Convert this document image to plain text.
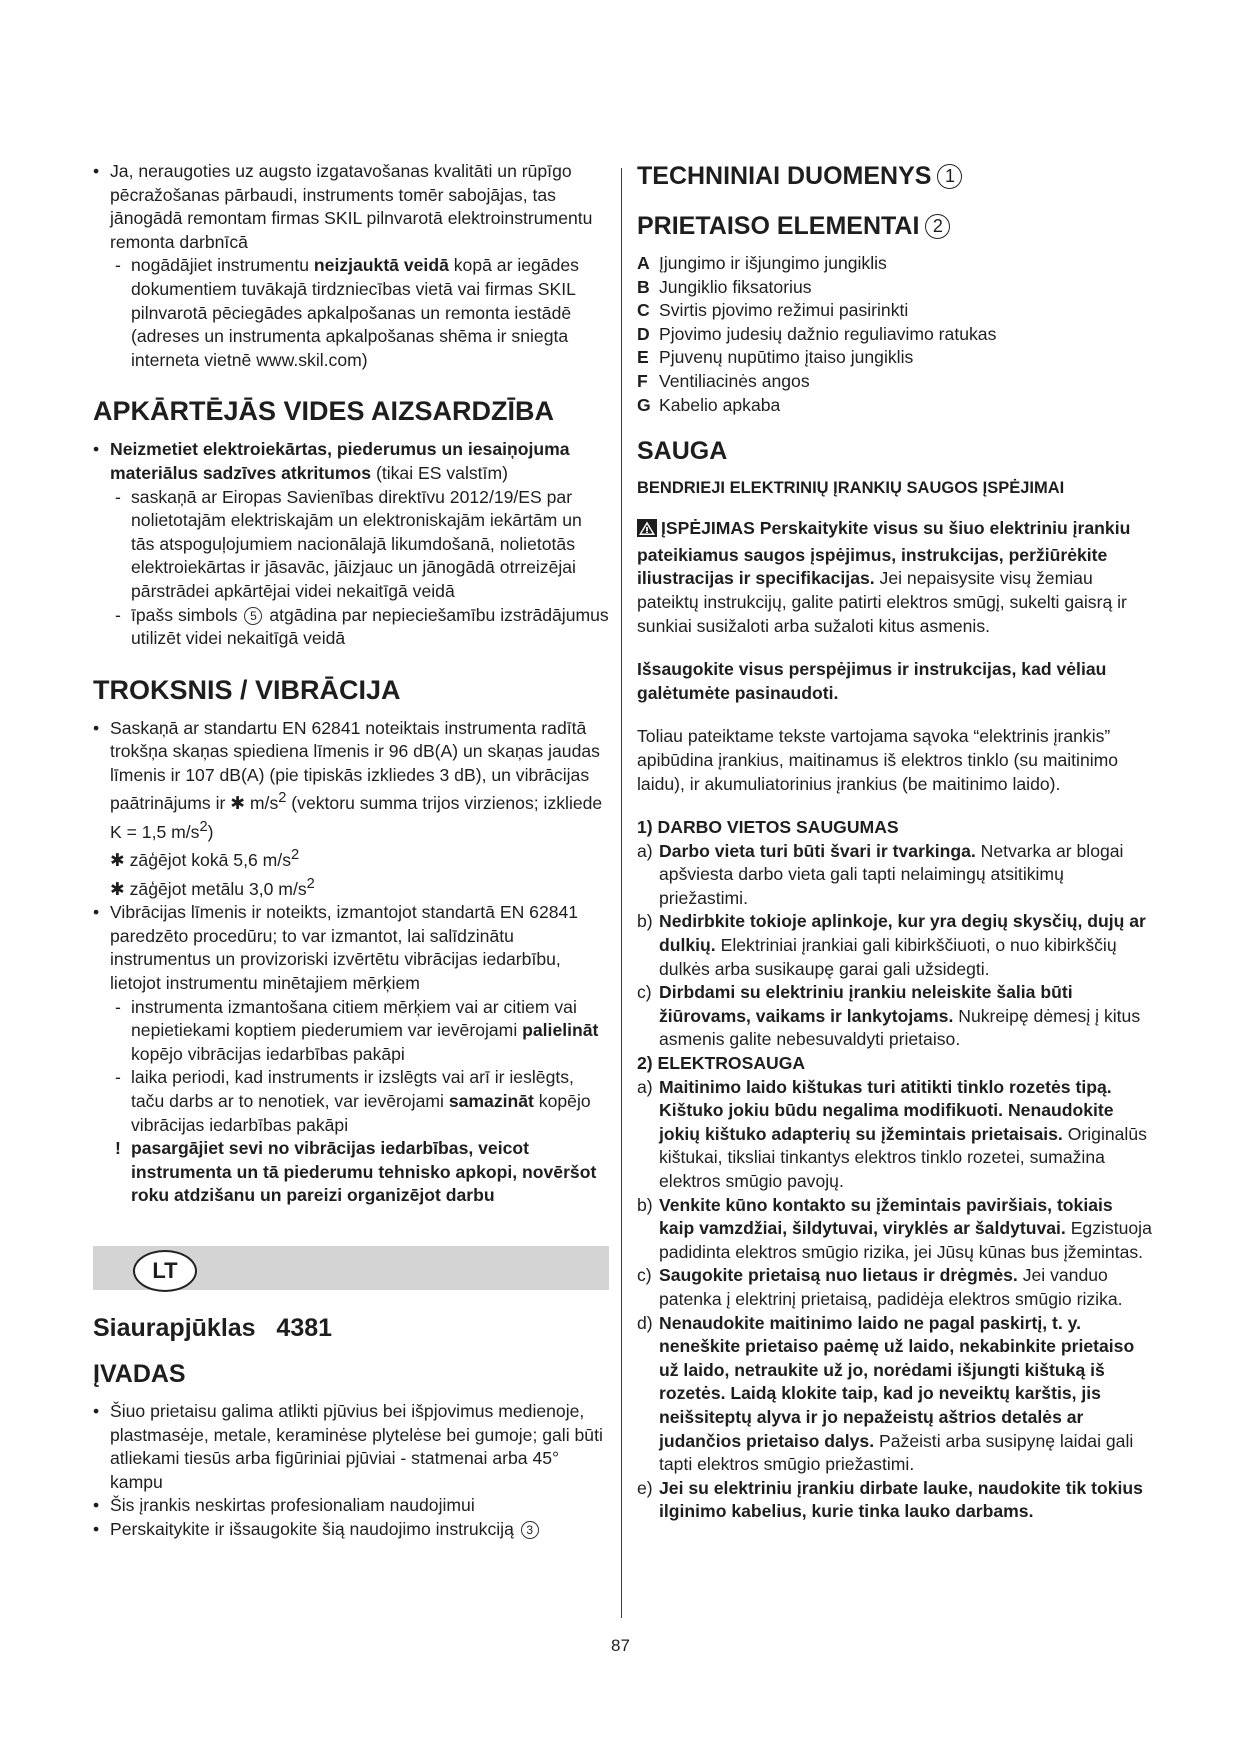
• Ja, neraugoties uz augsto izgatavošanas kvalitāti un rūpīgo pēcražošanas pārbaudi, instruments tomēr sabojājas, tas jānogādā remontam firmas SKIL pilnvarotā elektroinstrumentu remonta darbnīcā
- nogādājiet instrumentu neizjauktā veidā kopā ar iegādes dokumentiem tuvākajā tirdzniecības vietā vai firmas SKIL pilnvarotā pēciegādes apkalpošanas un remonta iestādē (adreses un instrumenta apkalpošanas shēma ir sniegta interneta vietnē www.skil.com)
APKĀRTĒJĀS VIDES AIZSARDZĪBA
• Neizmetiet elektroiekārtas, piederumus un iesaiņojuma materiālus sadzīves atkritumos (tikai ES valstīm)
- saskaņā ar Eiropas Savienības direktīvu 2012/19/ES par nolietotajām elektriskajām un elektroniskajām iekārtām un tās atspoguļojumiem nacionālajā likumdošanā, nolietotās elektroiekārtas ir jāsavāc, jāizjauc un jānogādā otrreizējai pārstrādei apkārtējai videi nekaitīgā veidā
- īpašs simbols 5 atgādina par nepieciešamību izstrādājumus utilizēt videi nekaitīgā veidā
TROKSNIS / VIBRĀCIJA
• Saskaņā ar standartu EN 62841 noteiktais instrumenta radītā trokšņa skaņas spiediena līmenis ir 96 dB(A) un skaņas jaudas līmenis ir 107 dB(A) (pie tipiskās izkliedes 3 dB), un vibrācijas paātrinājums ir ✱ $m/s^2$ (vektoru summa trijos virzienos; izkliede K = 1,5 $m/s^2$)
✱ zāģējot kokā 5,6 $m/s^2$
✱ zāģējot metālu 3,0 $m/s^2$
• Vibrācijas līmenis ir noteikts, izmantojot standartā EN 62841 paredzēto procedūru; to var izmantot, lai salīdzinātu instrumentus un provizoriski izvērtētu vibrācijas iedarbību, lietojot instrumentu minētajiem mērķiem
- instrumenta izmantošana citiem mērķiem vai ar citiem vai nepietiekami koptiem piederumiem var ievērojami palielināt kopējo vibrācijas iedarbības pakāpi
- laika periodi, kad instruments ir izslēgts vai arī ir ieslēgts, taču darbs ar to nenotiek, var ievērojami samazināt kopējo vibrācijas iedarbības pakāpi
! pasargājiet sevi no vibrācijas iedarbības, veicot instrumenta un tā piederumu tehnisko apkopi, novēršot roku atdzišanu un pareizi organizējot darbu
LT
Siaurapjūklas   4381
ĮVADAS
• Šiuo prietaisu galima atlikti pjūvius bei išpjovimus medienoje, plastmasėje, metale, keraminėse plytelėse bei gumoje; gali būti atliekami tiesūs arba figūriniai pjūviai - statmenai arba 45° kampu
• Šis įrankis neskirtas profesionaliam naudojimui
• Perskaitykite ir išsaugokite šią naudojimo instrukciją 3
TECHNINIAI DUOMENYS 1
PRIETAISO ELEMENTAI 2
A Įjungimo ir išjungimo jungiklis
B Jungiklio fiksatorius
C Svirtis pjovimo režimui pasirinkti
D Pjovimo judesių dažnio reguliavimo ratukas
E Pjuvenų nupūtimo įtaiso jungiklis
F Ventiliacinės angos
G Kabelio apkaba
SAUGA
BENDRIEJI ELEKTRINIŲ ĮRANKIŲ SAUGOS ĮSPĖJIMAI
ĮSPĖJIMAS Perskaitykite visus su šiuo elektriniu įrankiu pateikiamus saugos įspėjimus, instrukcijas, peržiūrėkite iliustracijas ir specifikacijas. Jei nepaisysite visų žemiau pateiktų instrukcijų, galite patirti elektros smūgį, sukelti gaisrą ir sunkiai susižaloti arba sužaloti kitus asmenis.
Išsaugokite visus perspėjimus ir instrukcijas, kad vėliau galėtumėte pasinaudoti.
Toliau pateiktame tekste vartojama sąvoka “elektrinis įrankis” apibūdina įrankius, maitinamus iš elektros tinklo (su maitinimo laidu), ir akumuliatorinius įrankius (be maitinimo laido).
1) DARBO VIETOS SAUGUMAS
a) Darbo vieta turi būti švari ir tvarkinga. Netvarka ar blogai apšviesta darbo vieta gali tapti nelaimingų atsitikimų priežastimi.
b) Nedirbkite tokioje aplinkoje, kur yra degių skysčių, dujų ar dulkių. Elektriniai įrankiai gali kibirkščiuoti, o nuo kibirkščių dulkės arba susikaupę garai gali užsidegti.
c) Dirbdami su elektriniu įrankiu neleiskite šalia būti žiūrovams, vaikams ir lankytojams. Nukreipę dėmesį į kitus asmenis galite nebesuvaldyti prietaiso.
2) ELEKTROSAUGA
a) Maitinimo laido kištukas turi atitikti tinklo rozetės tipą. Kištuko jokiu būdu negalima modifikuoti. Nenaudokite jokių kištuko adapterių su įžemintais prietaisais. Originalūs kištukai, tiksliai tinkantys elektros tinklo rozetei, sumažina elektros smūgio pavojų.
b) Venkite kūno kontakto su įžemintais paviršiais, tokiais kaip vamzdžiai, šildytuvai, viryklės ar šaldytuvai. Egzistuoja padidinta elektros smūgio rizika, jei Jūsų kūnas bus įžemintas.
c) Saugokite prietaisą nuo lietaus ir drėgmės. Jei vanduo patenka į elektrinį prietaisą, padidėja elektros smūgio rizika.
d) Nenaudokite maitinimo laido ne pagal paskirtį, t. y. neneškite prietaiso paėmę už laido, nekabinkite prietaiso už laido, netraukite už jo, norėdami išjungti kištuką iš rozetės. Laidą klokite taip, kad jo neveiktų karštis, jis neišsiteptų alyva ir jo nepažeistų aštrios detalės ar judančios prietaiso dalys. Pažeisti arba susipynę laidai gali tapti elektros smūgio priežastimi.
e) Jei su elektriniu įrankiu dirbate lauke, naudokite tik tokius ilginimo kabelius, kurie tinka lauko darbams.
87
